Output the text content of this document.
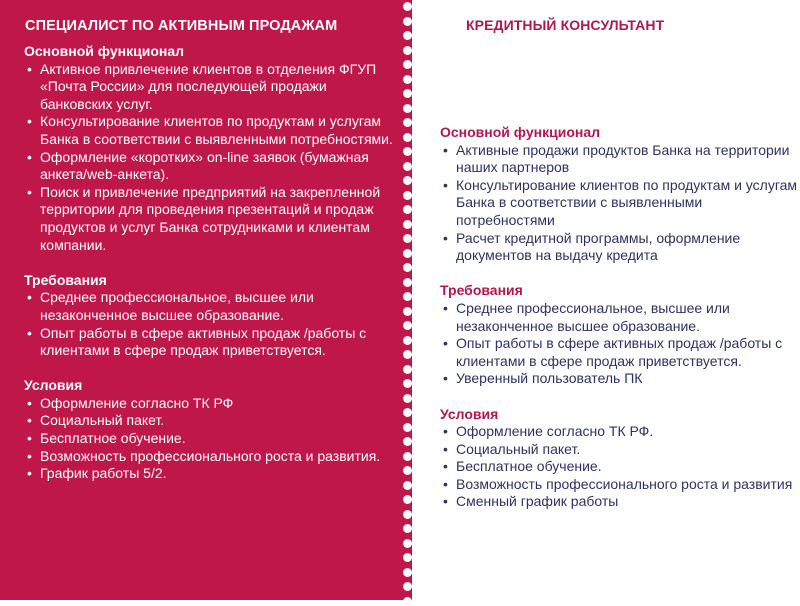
СПЕЦИАЛИСТ ПО АКТИВНЫМ ПРОДАЖАМ
Основной функционал
• Активное привлечение клиентов в отделения ФГУП «Почта России» для последующей продажи банковских услуг.
• Консультирование клиентов по продуктам и услугам Банка в соответствии с выявленными потребностями.
• Оформление «коротких» on-line заявок (бумажная анкета/web-анкета).
• Поиск и привлечение предприятий на закрепленной территории для проведения презентаций и продаж продуктов и услуг Банка сотрудниками и клиентам компании.
Требования
• Среднее профессиональное, высшее или незаконченное высшее образование.
• Опыт работы в сфере активных продаж /работы с клиентами в сфере продаж приветствуется.
Условия
• Оформление согласно ТК РФ
• Социальный пакет.
• Бесплатное обучение.
• Возможность профессионального роста и развития.
• График работы 5/2.
КРЕДИТНЫЙ КОНСУЛЬТАНТ
Основной функционал
• Активные продажи продуктов Банка на территории наших партнеров
• Консультирование клиентов по продуктам и услугам Банка в соответствии с выявленными потребностями
• Расчет кредитной программы, оформление документов на выдачу кредита
Требования
• Среднее профессиональное, высшее или незаконченное высшее образование.
• Опыт работы в сфере активных продаж /работы с клиентами в сфере продаж приветствуется.
• Уверенный пользователь ПК
Условия
• Оформление согласно ТК РФ.
• Социальный пакет.
• Бесплатное обучение.
• Возможность профессионального роста и развития
• Сменный график работы
